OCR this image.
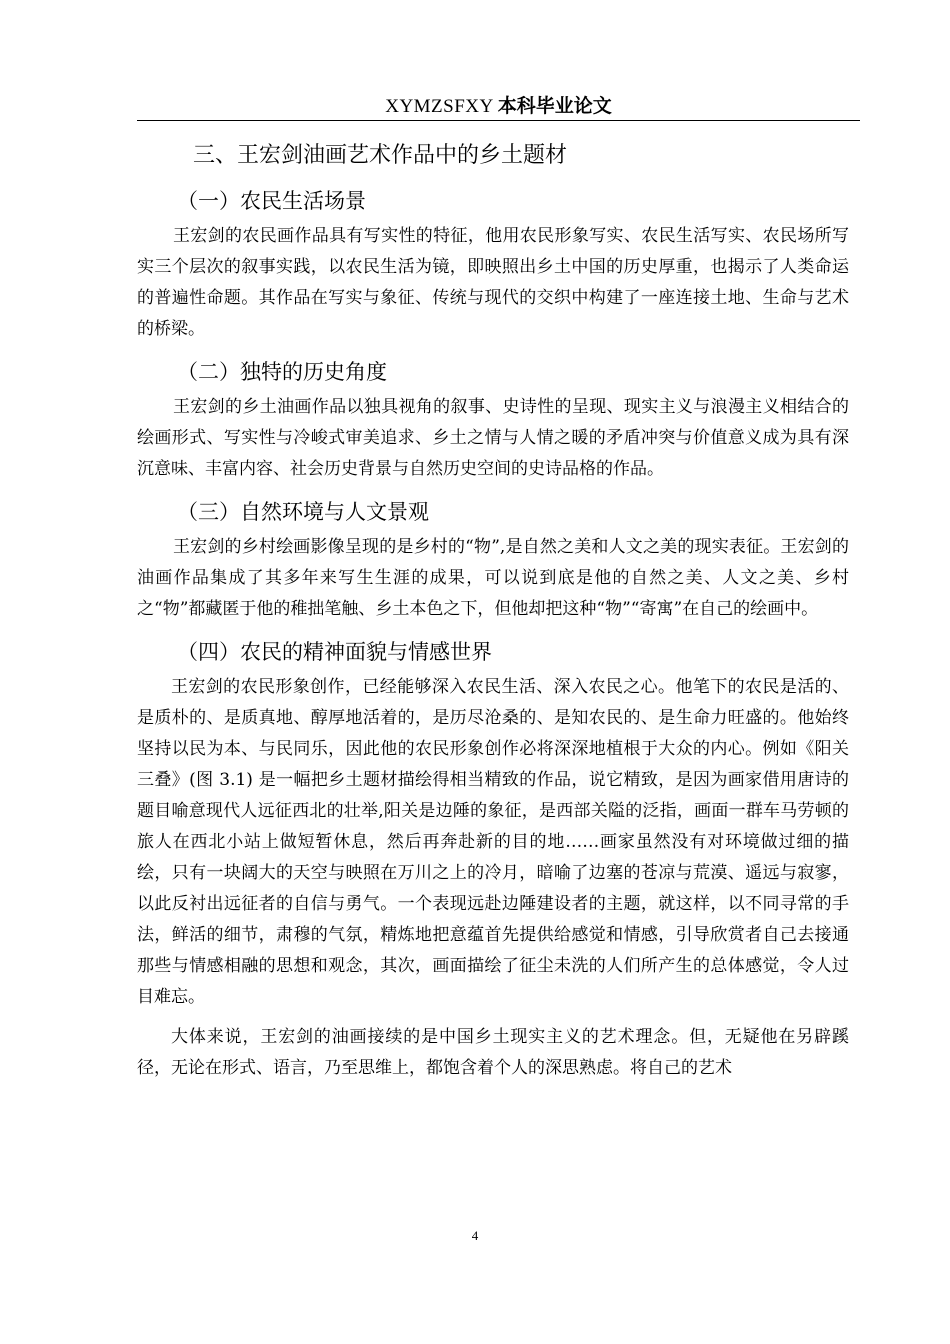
XYMZSFXY 本科毕业论文
三、王宏剑油画艺术作品中的乡土题材
（一）农民生活场景

王宏剑的农民画作品具有写实性的特征，他用农民形象写实、农民生活写实、农民场所写实三个层次的叙事实践，以农民生活为镜，即映照出乡土中国的历史厚重，也揭示了人类命运的普遍性命题。其作品在写实与象征、传统与现代的交织中构建了一座连接土地、生命与艺术的桥梁。

（二）独特的历史角度

王宏剑的乡土油画作品以独具视角的叙事、史诗性的呈现、现实主义与浪漫主义相结合的绘画形式、写实性与冷峻式审美追求、乡土之情与人情之暖的矛盾冲突与价值意义成为具有深沉意味、丰富内容、社会历史背景与自然历史空间的史诗品格的作品。

（三）自然环境与人文景观

王宏剑的乡村绘画影像呈现的是乡村的“物”,是自然之美和人文之美的现实表征。王宏剑的油画作品集成了其多年来写生生涯的成果，可以说到底是他的自然之美、人文之美、乡村之“物”都藏匿于他的稚拙笔触、乡土本色之下，但他却把这种“物”“寄寓”在自己的绘画中。

（四）农民的精神面貌与情感世界

王宏剑的农民形象创作，已经能够深入农民生活、深入农民之心。他笔下的农民是活的、是质朴的、是质真地、醇厚地活着的，是历尽沧桑的、是知农民的、是生命力旺盛的。他始终坚持以民为本、与民同乐，因此他的农民形象创作必将深深地植根于大众的内心。例如《阳关三叠》(图 3.1) 是一幅把乡土题材描绘得相当精致的作品，说它精致，是因为画家借用唐诗的题目喻意现代人远征西北的壮举,阳关是边陲的象征，是西部关隘的泛指，画面一群车马劳顿的旅人在西北小站上做短暂休息，然后再奔赴新的目的地……画家虽然没有对环境做过细的描绘，只有一块阔大的天空与映照在万川之上的冷月，暗喻了边塞的苍凉与荒漠、遥远与寂寥，以此反衬出远征者的自信与勇气。一个表现远赴边陲建设者的主题，就这样，以不同寻常的手法，鲜活的细节，肃穆的气氛，精炼地把意蕴首先提供给感觉和情感，引导欣赏者自己去接通那些与情感相融的思想和观念，其次，画面描绘了征尘未洗的人们所产生的总体感觉，令人过目难忘。

大体来说，王宏剑的油画接续的是中国乡土现实主义的艺术理念。但，无疑他在另辟蹊径，无论在形式、语言，乃至思维上，都饱含着个人的深思熟虑。将自己的艺术

4
